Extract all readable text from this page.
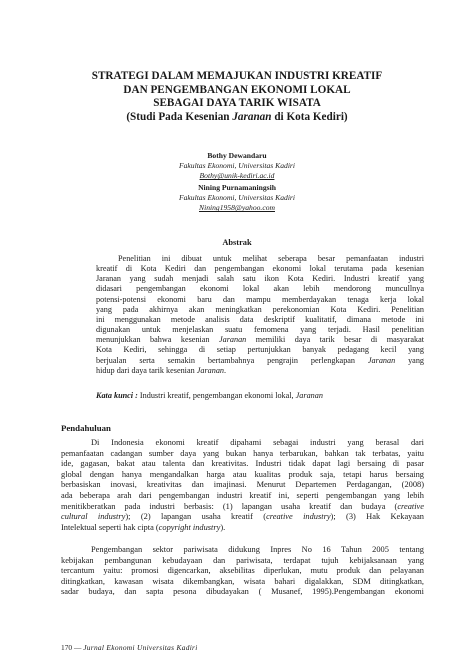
STRATEGI DALAM MEMAJUKAN INDUSTRI KREATIF
DAN PENGEMBANGAN EKONOMI LOKAL
SEBAGAI DAYA TARIK WISATA
(Studi Pada Kesenian Jaranan di Kota Kediri)
Bothy Dewandaru
Fakultas Ekonomi, Universitas Kadiri
Bothy@unik-kediri.ac.id
Nining Purnamaningsih
Fakultas Ekonomi, Universitas Kadiri
Nining1958@yahoo.com
Abstrak
Penelitian ini dibuat untuk melihat seberapa besar pemanfaatan industri
kreatif di Kota Kediri dan pengembangan ekonomi lokal terutama pada kesenian
Jaranan yang sudah menjadi salah satu ikon Kota Kediri. Industri kreatif yang
didasari pengembangan ekonomi lokal akan lebih mendorong muncullnya
potensi-potensi ekonomi baru dan mampu memberdayakan tenaga kerja lokal
yang pada akhirnya akan meningkatkan perekonomian Kota Kediri. Penelitian
ini menggunakan metode analisis data deskriptif kualitatif, dimana metode ini
digunakan untuk menjelaskan suatu femomena yang terjadi. Hasil penelitian
menunjukkan bahwa kesenian Jaranan memiliki daya tarik besar di masyarakat
Kota Kediri, sehingga di setiap pertunjukkan banyak pedagang kecil yang
berjualan serta semakin bertambahnya pengrajin perlengkapan Jaranan yang
hidup dari daya tarik kesenian Jaranan.
Kata kunci : Industri kreatif, pengembangan ekonomi lokal, Jaranan
Pendahuluan
Di Indonesia ekonomi kreatif dipahami sebagai industri yang berasal dari
pemanfaatan cadangan sumber daya yang bukan hanya terbarukan, bahkan tak terbatas, yaitu
ide, gagasan, bakat atau talenta dan kreativitas. Industri tidak dapat lagi bersaing di pasar
global dengan hanya mengandalkan harga atau kualitas produk saja, tetapi harus bersaing
berbasiskan inovasi, kreativitas dan imajinasi. Menurut Departemen Perdagangan, (2008)
ada beberapa arah dari pengembangan industri kreatif ini, seperti pengembangan yang lebih
menitikberatkan pada industri berbasis: (1) lapangan usaha kreatif dan budaya (creative
cultural industry); (2) lapangan usaha kreatif (creative industry); (3) Hak Kekayaan
Intelektual seperti hak cipta (copyright industry).
Pengembangan sektor pariwisata didukung Inpres No 16 Tahun 2005 tentang
kebijakan pembangunan kebudayaan dan pariwisata, terdapat tujuh kebijaksanaan yang
tercantum yaitu: promosi digencarkan, aksebilitas diperlukan, mutu produk dan pelayanan
ditingkatkan, kawasan wisata dikembangkan, wisata bahari digalakkan, SDM ditingkatkan,
sadar budaya, dan sapta pesona dibudayakan ( Musanef, 1995).Pengembangan ekonomi
170 — Jurnal Ekonomi Universitas Kadiri
